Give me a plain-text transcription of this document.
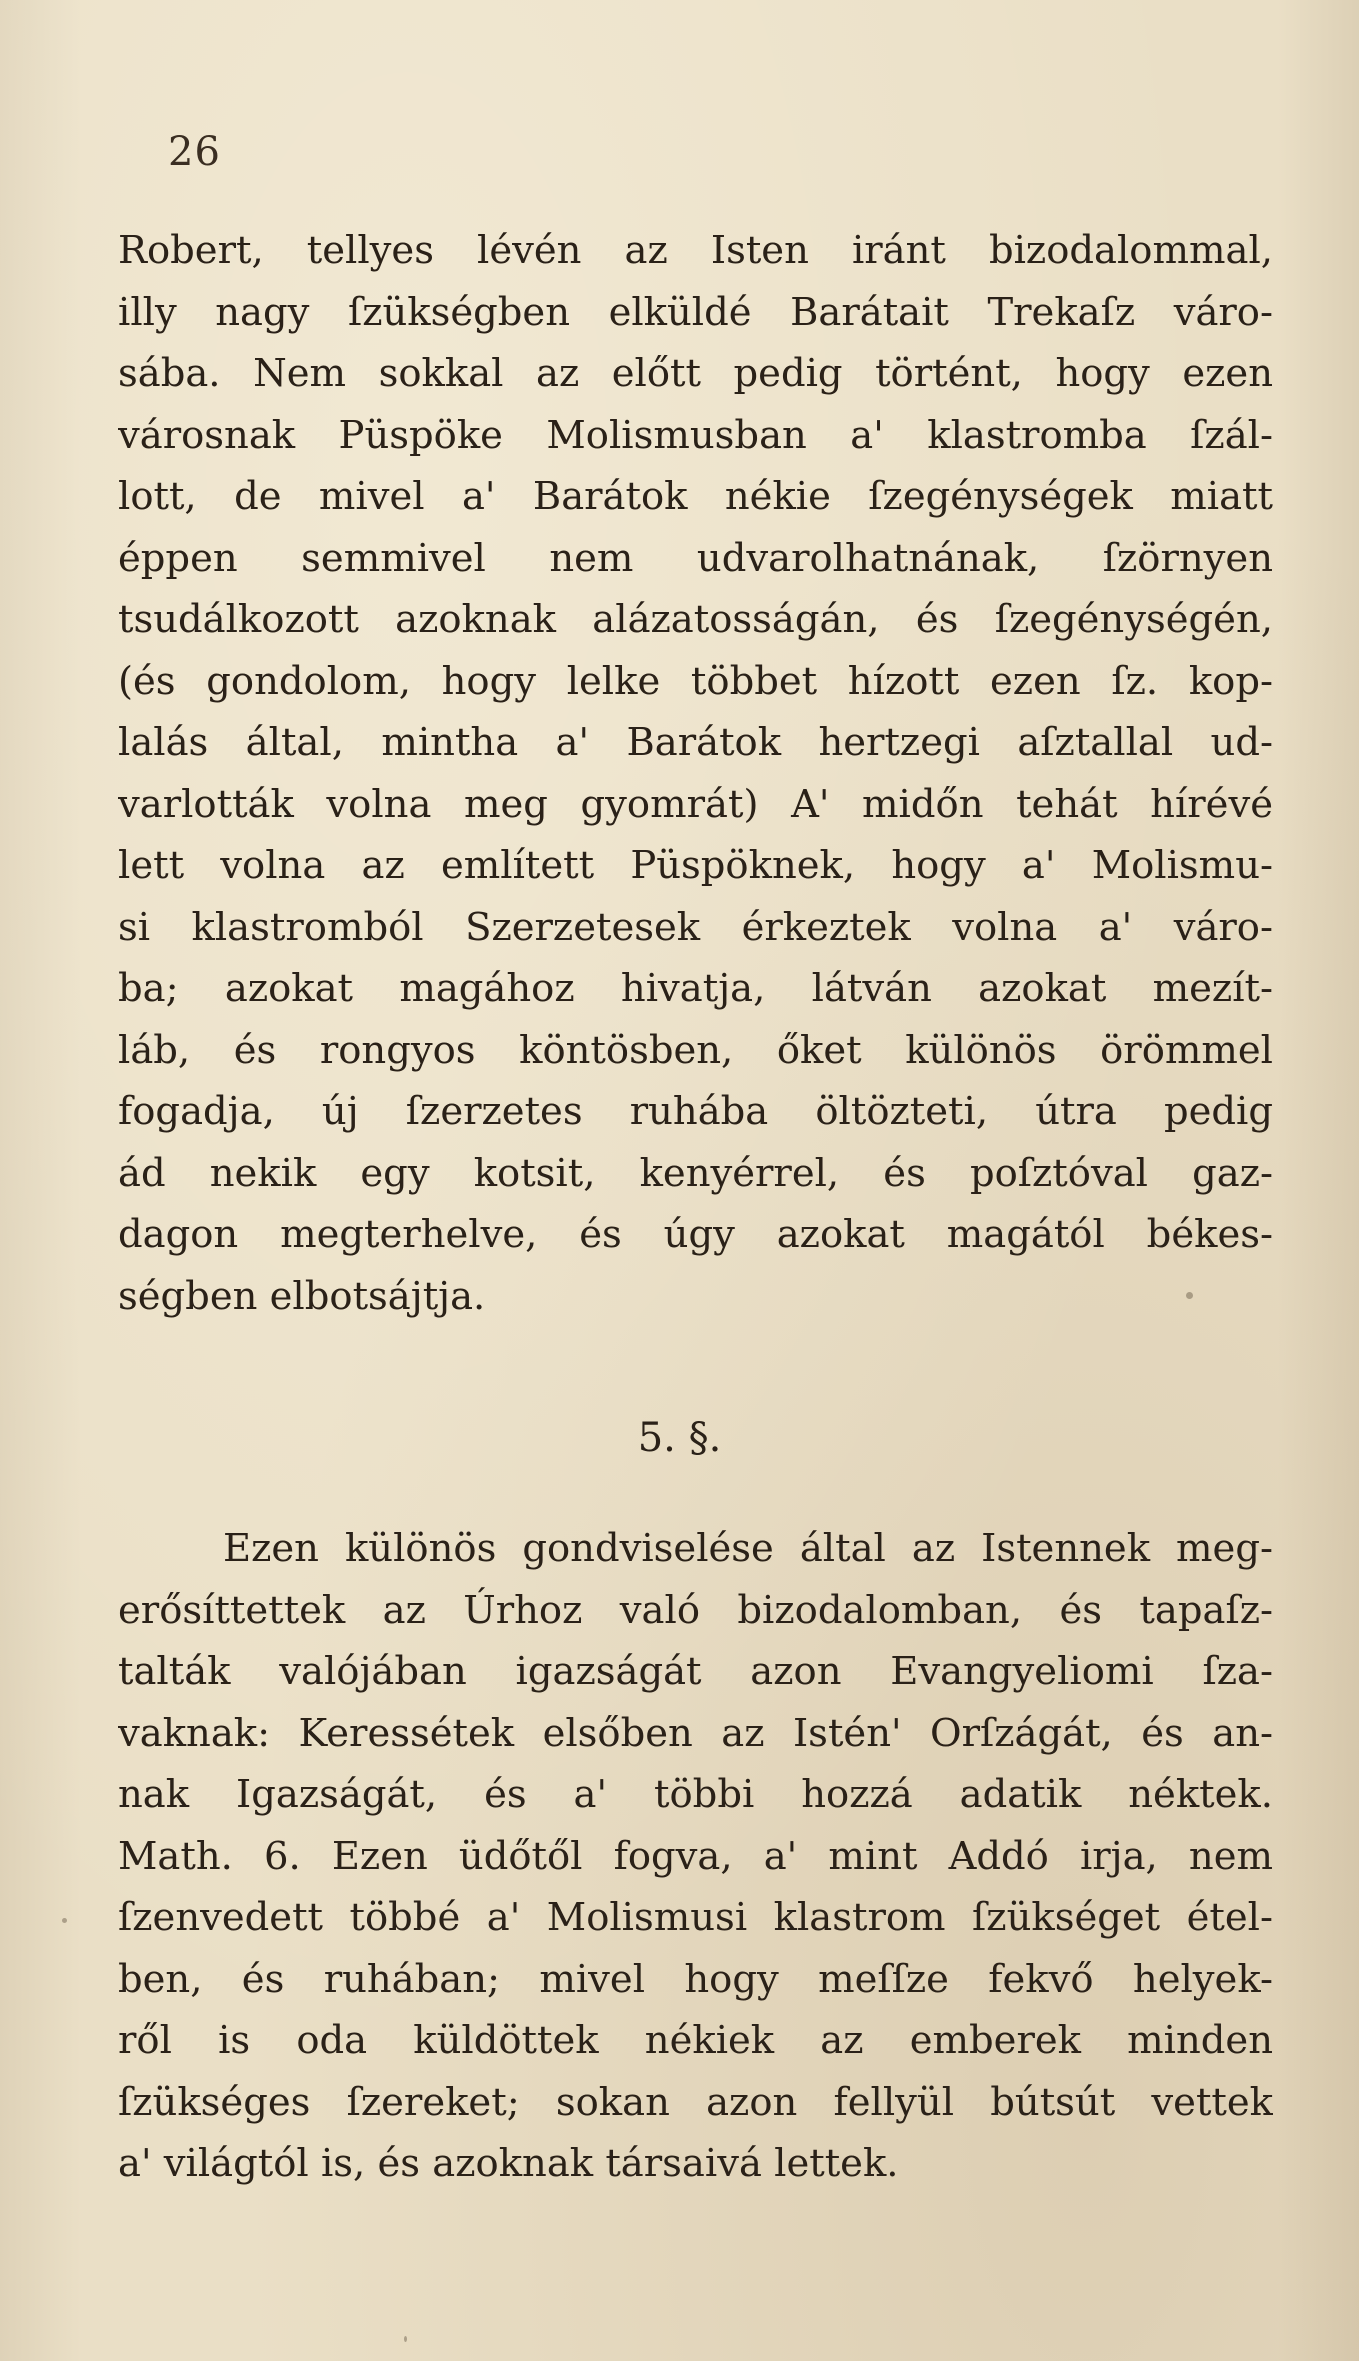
26
Robert, tellyes lévén az Isten iránt bizodalommal,
illy nagy ſzükségben elküldé Barátait Trekaſz váro-
sába. Nem sokkal az előtt pedig történt, hogy ezen
városnak Püspöke Molismusban a' klastromba ſzál-
lott, de mivel a' Barátok nékie ſzegénységek miatt
éppen semmivel nem udvarolhatnának, ſzörnyen
tsudálkozott azoknak alázatosságán, és ſzegénységén,
(és gondolom, hogy lelke többet hízott ezen ſz. kop-
lalás által, mintha a' Barátok hertzegi aſztallal ud-
varlották volna meg gyomrát) A' midőn tehát hírévé
lett volna az említett Püspöknek, hogy a' Molismu-
si klastromból Szerzetesek érkeztek volna a' váro-
ba; azokat magához hivatja, látván azokat mezít-
láb, és rongyos köntösben, őket különös örömmel
fogadja, új ſzerzetes ruhába öltözteti, útra pedig
ád nekik egy kotsit, kenyérrel, és poſztóval gaz-
dagon megterhelve, és úgy azokat magától békes-
ségben elbotsájtja.
5. §.
Ezen különös gondviselése által az Istennek meg-
erősíttettek az Úrhoz való bizodalomban, és tapaſz-
talták valójában igazságát azon Evangyeliomi ſza-
vaknak: Keressétek elsőben az Istén' Orſzágát, és an-
nak Igazságát, és a' többi hozzá adatik néktek.
Math. 6. Ezen üdőtől fogva, a' mint Addó irja, nem
ſzenvedett többé a' Molismusi klastrom ſzükséget étel-
ben, és ruhában; mivel hogy meſſze fekvő helyek-
ről is oda küldöttek nékiek az emberek minden
ſzükséges ſzereket; sokan azon fellyül bútsút vettek
a' világtól is, és azoknak társaivá lettek.
